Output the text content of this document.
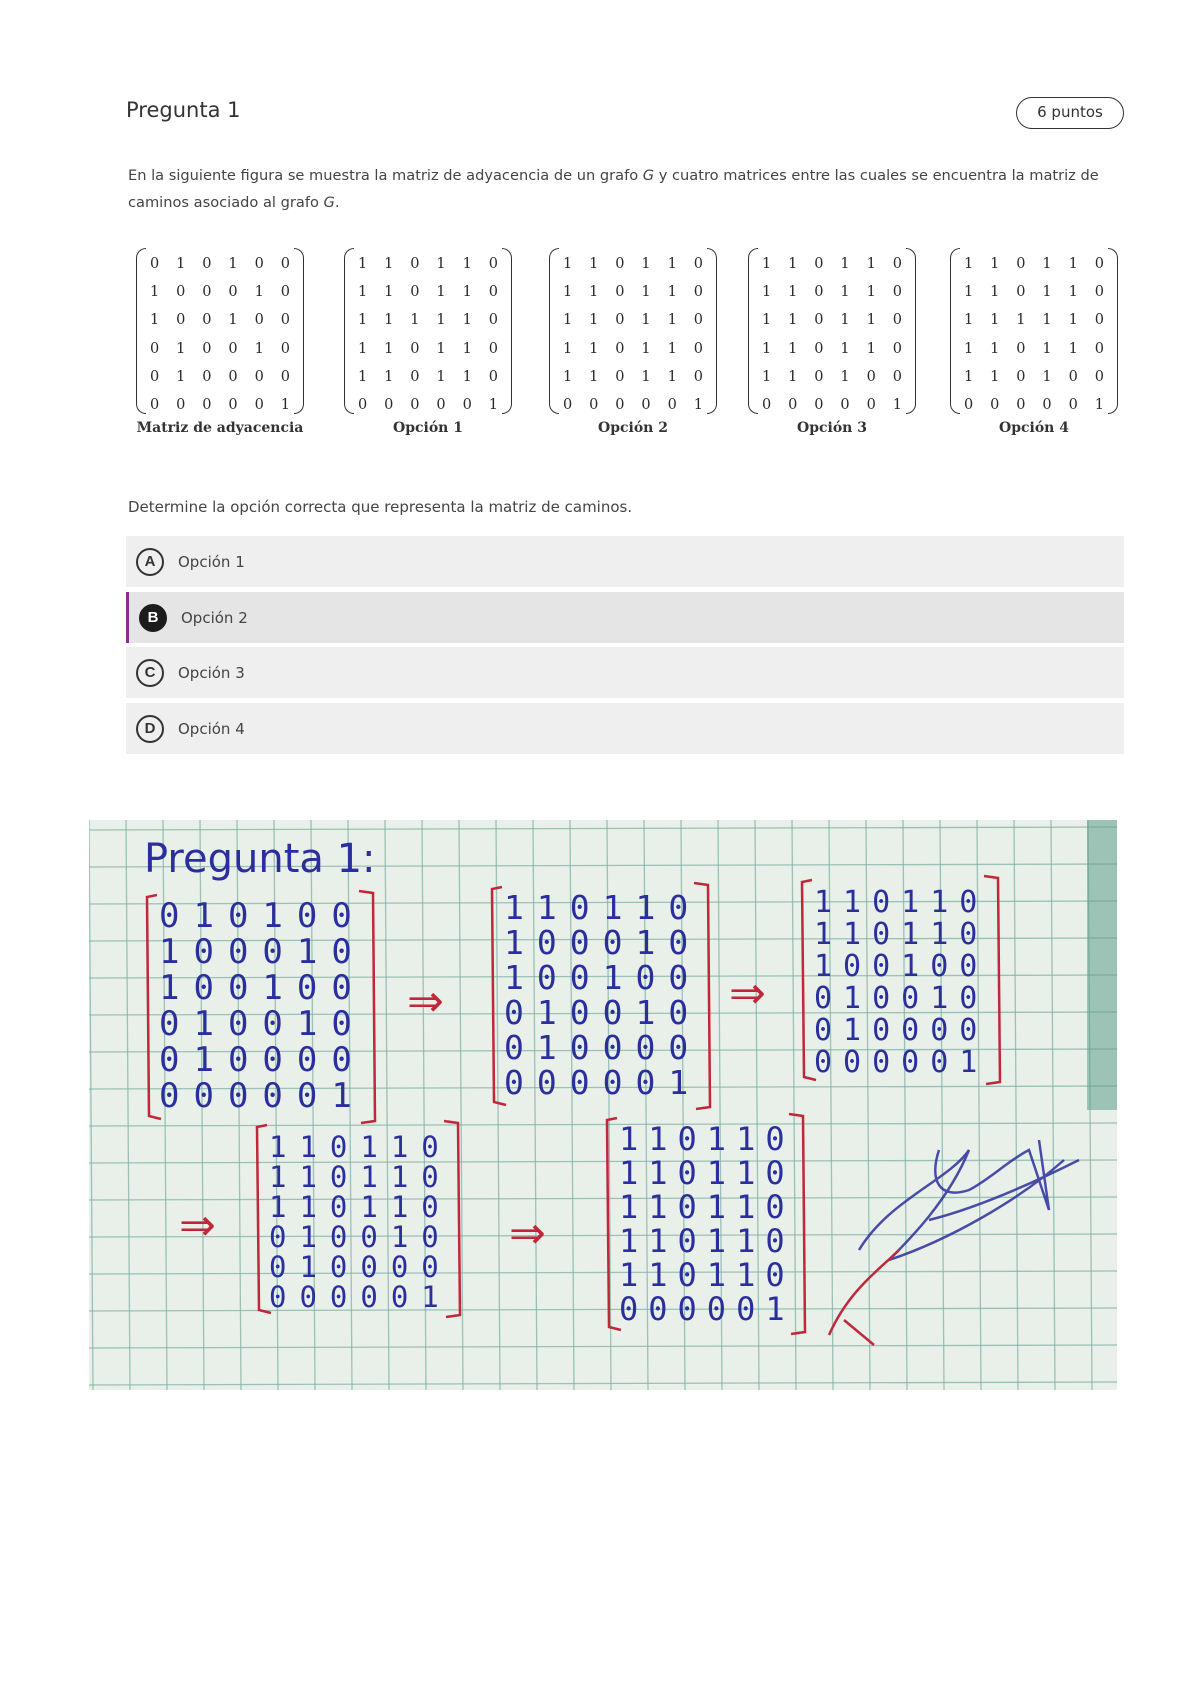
Pregunta 1	6 puntos
En la siguiente figura se muestra la matriz de adyacencia de un grafo G y cuatro matrices entre las cuales se encuentra la matriz de caminos asociado al grafo G.
0 1 0 1 0 0
1 0 0 0 1 0
1 0 0 1 0 0
0 1 0 0 1 0
0 1 0 0 0 0
0 0 0 0 0 1
Matriz de adyacencia
1 1 0 1 1 0
1 1 0 1 1 0
1 1 1 1 1 0
1 1 0 1 1 0
1 1 0 1 1 0
0 0 0 0 0 1
Opción 1
1 1 0 1 1 0
1 1 0 1 1 0
1 1 0 1 1 0
1 1 0 1 1 0
1 1 0 1 1 0
0 0 0 0 0 1
Opción 2
1 1 0 1 1 0
1 1 0 1 1 0
1 1 0 1 1 0
1 1 0 1 1 0
1 1 0 1 0 0
0 0 0 0 0 1
Opción 3
1 1 0 1 1 0
1 1 0 1 1 0
1 1 1 1 1 0
1 1 0 1 1 0
1 1 0 1 0 0
0 0 0 0 0 1
Opción 4
Determine la opción correcta que representa la matriz de caminos.
A	Opción 1
B	Opción 2
C	Opción 3
D	Opción 4
Pregunta 1:
010100
100010
100100
010010
010000
000001
110110
100010
100100
010010
010000
000001
110110
110110
100100
010010
010000
000001
110110
110110
110110
010010
010000
000001
110110
110110
110110
110110
110110
000001
⇒	⇒
⇒	⇒
